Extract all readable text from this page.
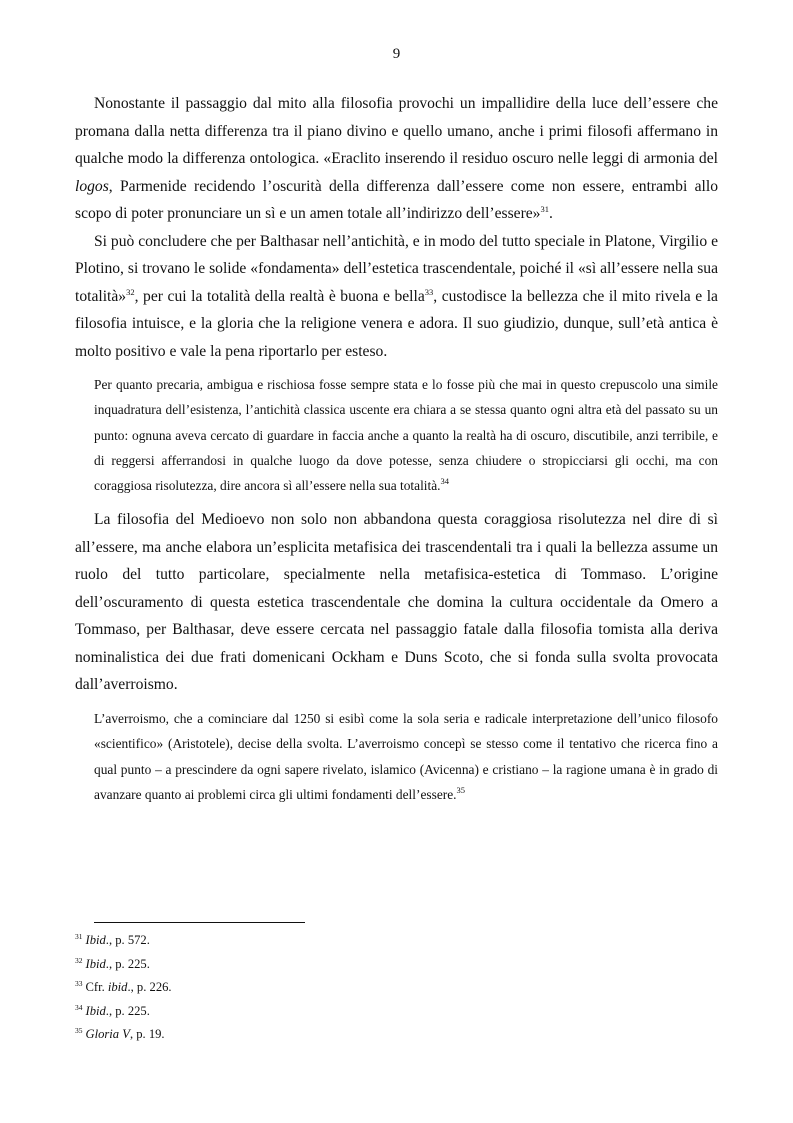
9

Nonostante il passaggio dal mito alla filosofia provochi un impallidire della luce dell’essere che promana dalla netta differenza tra il piano divino e quello umano, anche i primi filosofi affermano in qualche modo la differenza ontologica. «Eraclito inserendo il residuo oscuro nelle leggi di armonia del logos, Parmenide recidendo l’oscurità della differenza dall’essere come non essere, entrambi allo scopo di poter pronunciare un sì e un amen totale all’indirizzo dell’essere»$^{31}$.

Si può concludere che per Balthasar nell’antichità, e in modo del tutto speciale in Platone, Virgilio e Plotino, si trovano le solide «fondamenta» dell’estetica trascendentale, poiché il «sì all’essere nella sua totalità»$^{32}$, per cui la totalità della realtà è buona e bella$^{33}$, custodisce la bellezza che il mito rivela e la filosofia intuisce, e la gloria che la religione venera e adora. Il suo giudizio, dunque, sull’età antica è molto positivo e vale la pena riportarlo per esteso.

Per quanto precaria, ambigua e rischiosa fosse sempre stata e lo fosse più che mai in questo crepuscolo una simile inquadratura dell’esistenza, l’antichità classica uscente era chiara a se stessa quanto ogni altra età del passato su un punto: ognuna aveva cercato di guardare in faccia anche a quanto la realtà ha di oscuro, discutibile, anzi terribile, e di reggersi afferrandosi in qualche luogo da dove potesse, senza chiudere o stropicciarsi gli occhi, ma con coraggiosa risolutezza, dire ancora sì all’essere nella sua totalità.$^{34}$

La filosofia del Medioevo non solo non abbandona questa coraggiosa risolutezza nel dire di sì all’essere, ma anche elabora un’esplicita metafisica dei trascendentali tra i quali la bellezza assume un ruolo del tutto particolare, specialmente nella metafisica-estetica di Tommaso. L’origine dell’oscuramento di questa estetica trascendentale che domina la cultura occidentale da Omero a Tommaso, per Balthasar, deve essere cercata nel passaggio fatale dalla filosofia tomista alla deriva nominalistica dei due frati domenicani Ockham e Duns Scoto, che si fonda sulla svolta provocata dall’averroismo.

L’averroismo, che a cominciare dal 1250 si esibì come la sola seria e radicale interpretazione dell’unico filosofo «scientifico» (Aristotele), decise della svolta. L’averroismo concepì se stesso come il tentativo che ricerca fino a qual punto – a prescindere da ogni sapere rivelato, islamico (Avicenna) e cristiano – la ragione umana è in grado di avanzare quanto ai problemi circa gli ultimi fondamenti dell’essere.$^{35}$

$^{31}$ Ibid., p. 572.

$^{32}$ Ibid., p. 225.

$^{33}$ Cfr. ibid., p. 226.

$^{34}$ Ibid., p. 225.

$^{35}$ Gloria V, p. 19.
